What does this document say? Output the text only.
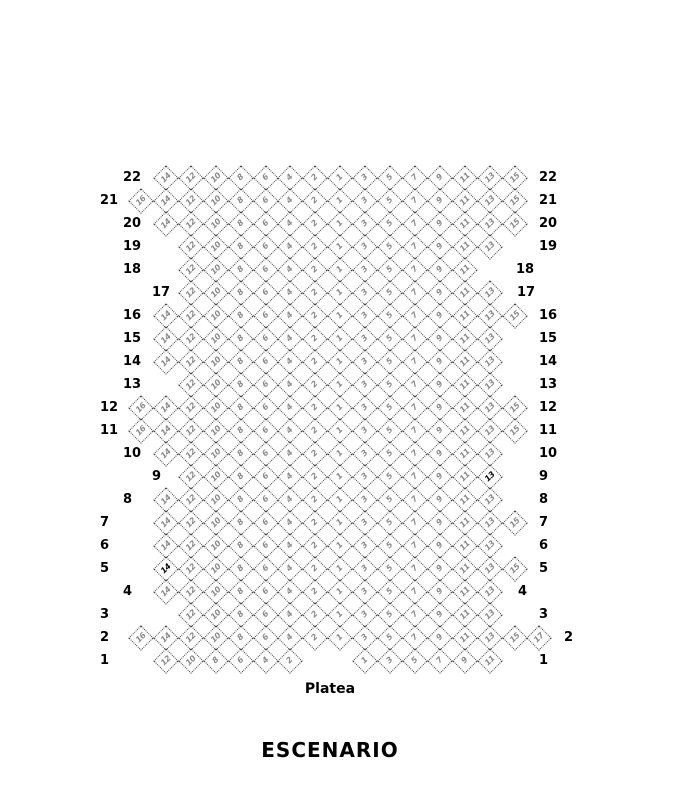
22	22
14 12 10 8 6 4 2 1 3 5 7 9 11 13 15
21	21
16 14 12 10 8 6 4 2 1 3 5 7 9 11 13 15
20	20
14 12 10 8 6 4 2 1 3 5 7 9 11 13 15
19	19
12 10 8 6 4 2 1 3 5 7 9 11 13
18	18
12 10 8 6 4 2 1 3 5 7 9 11
17	17
12 10 8 6 4 2 1 3 5 7 9 11 13
16	16
14 12 10 8 6 4 2 1 3 5 7 9 11 13 15
15	15
14 12 10 8 6 4 2 1 3 5 7 9 11 13
14	14
14 12 10 8 6 4 2 1 3 5 7 9 11 13
13	13
12 10 8 6 4 2 1 3 5 7 9 11 13
12	12
16 14 12 10 8 6 4 2 1 3 5 7 9 11 13 15
11	11
16 14 12 10 8 6 4 2 1 3 5 7 9 11 13 15
10	10
14 12 10 8 6 4 2 1 3 5 7 9 11 13
9	9
12 10 8 6 4 2 1 3 5 7 9 11 13
8	8
14 12 10 8 6 4 2 1 3 5 7 9 11 13
7	7
14 12 10 8 6 4 2 1 3 5 7 9 11 13 15
6	6
14 12 10 8 6 4 2 1 3 5 7 9 11 13
5	5
14 12 10 8 6 4 2 1 3 5 7 9 11 13 15
4	4
14 12 10 8 6 4 2 1 3 5 7 9 11 13
3	3
12 10 8 6 4 2 1 3 5 7 9 11 13
2	2
16 14 12 10 8 6 4 2 1 3 5 7 9 11 13 15 17
1	1
12 10 8 6 4 2	1 3 5 7 9 11
Platea
ESCENARIO
